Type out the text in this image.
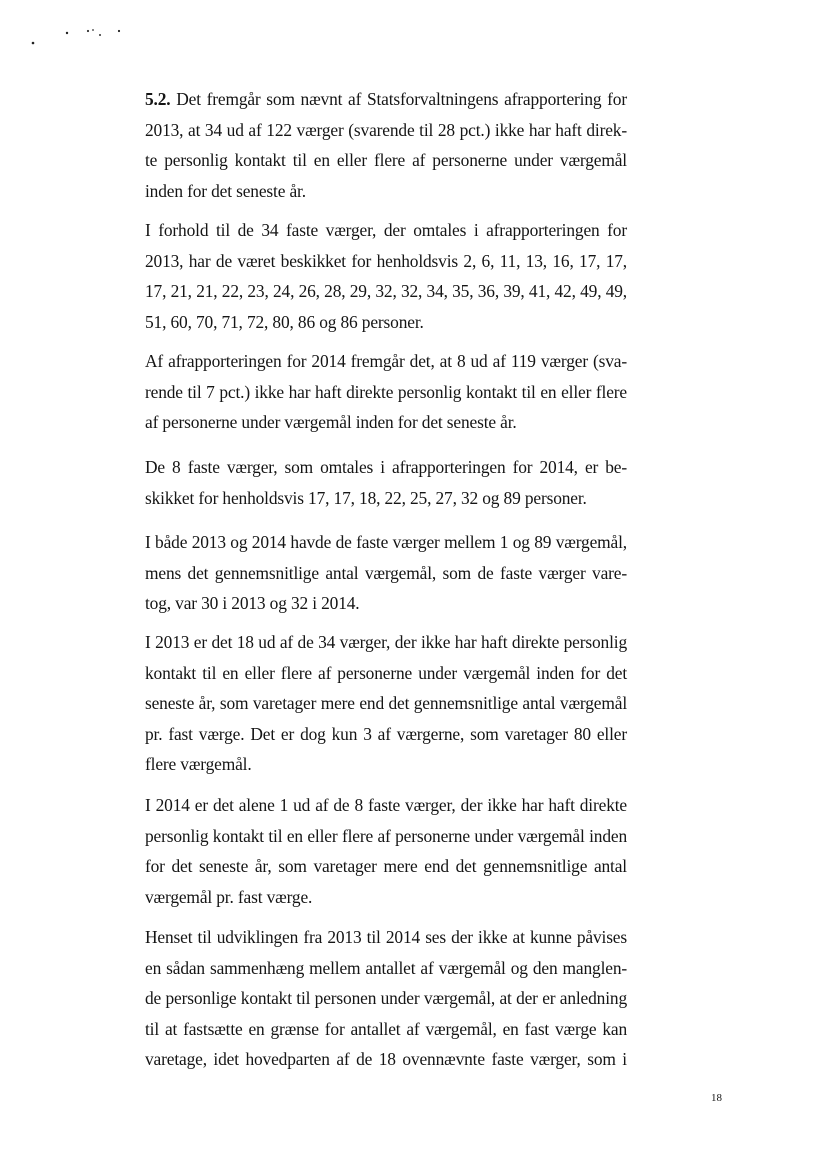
5.2. Det fremgår som nævnt af Statsforvaltningens afrapportering for
2013, at 34 ud af 122 værger (svarende til 28 pct.) ikke har haft direk-
te personlig kontakt til en eller flere af personerne under værgemål
inden for det seneste år.
I forhold til de 34 faste værger, der omtales i afrapporteringen for
2013, har de været beskikket for henholdsvis 2, 6, 11, 13, 16, 17, 17,
17, 21, 21, 22, 23, 24, 26, 28, 29, 32, 32, 34, 35, 36, 39, 41, 42, 49, 49,
51, 60, 70, 71, 72, 80, 86 og 86 personer.
Af afrapporteringen for 2014 fremgår det, at 8 ud af 119 værger (sva-
rende til 7 pct.) ikke har haft direkte personlig kontakt til en eller flere
af personerne under værgemål inden for det seneste år.
De 8 faste værger, som omtales i afrapporteringen for 2014, er be-
skikket for henholdsvis 17, 17, 18, 22, 25, 27, 32 og 89 personer.
I både 2013 og 2014 havde de faste værger mellem 1 og 89 værgemål,
mens det gennemsnitlige antal værgemål, som de faste værger vare-
tog, var 30 i 2013 og 32 i 2014.
I 2013 er det 18 ud af de 34 værger, der ikke har haft direkte personlig
kontakt til en eller flere af personerne under værgemål inden for det
seneste år, som varetager mere end det gennemsnitlige antal værgemål
pr. fast værge. Det er dog kun 3 af værgerne, som varetager 80 eller
flere værgemål.
I 2014 er det alene 1 ud af de 8 faste værger, der ikke har haft direkte
personlig kontakt til en eller flere af personerne under værgemål inden
for det seneste år, som varetager mere end det gennemsnitlige antal
værgemål pr. fast værge.
Henset til udviklingen fra 2013 til 2014 ses der ikke at kunne påvises
en sådan sammenhæng mellem antallet af værgemål og den manglen-
de personlige kontakt til personen under værgemål, at der er anledning
til at fastsætte en grænse for antallet af værgemål, en fast værge kan
varetage, idet hovedparten af de 18 ovennævnte faste værger, som i
18
